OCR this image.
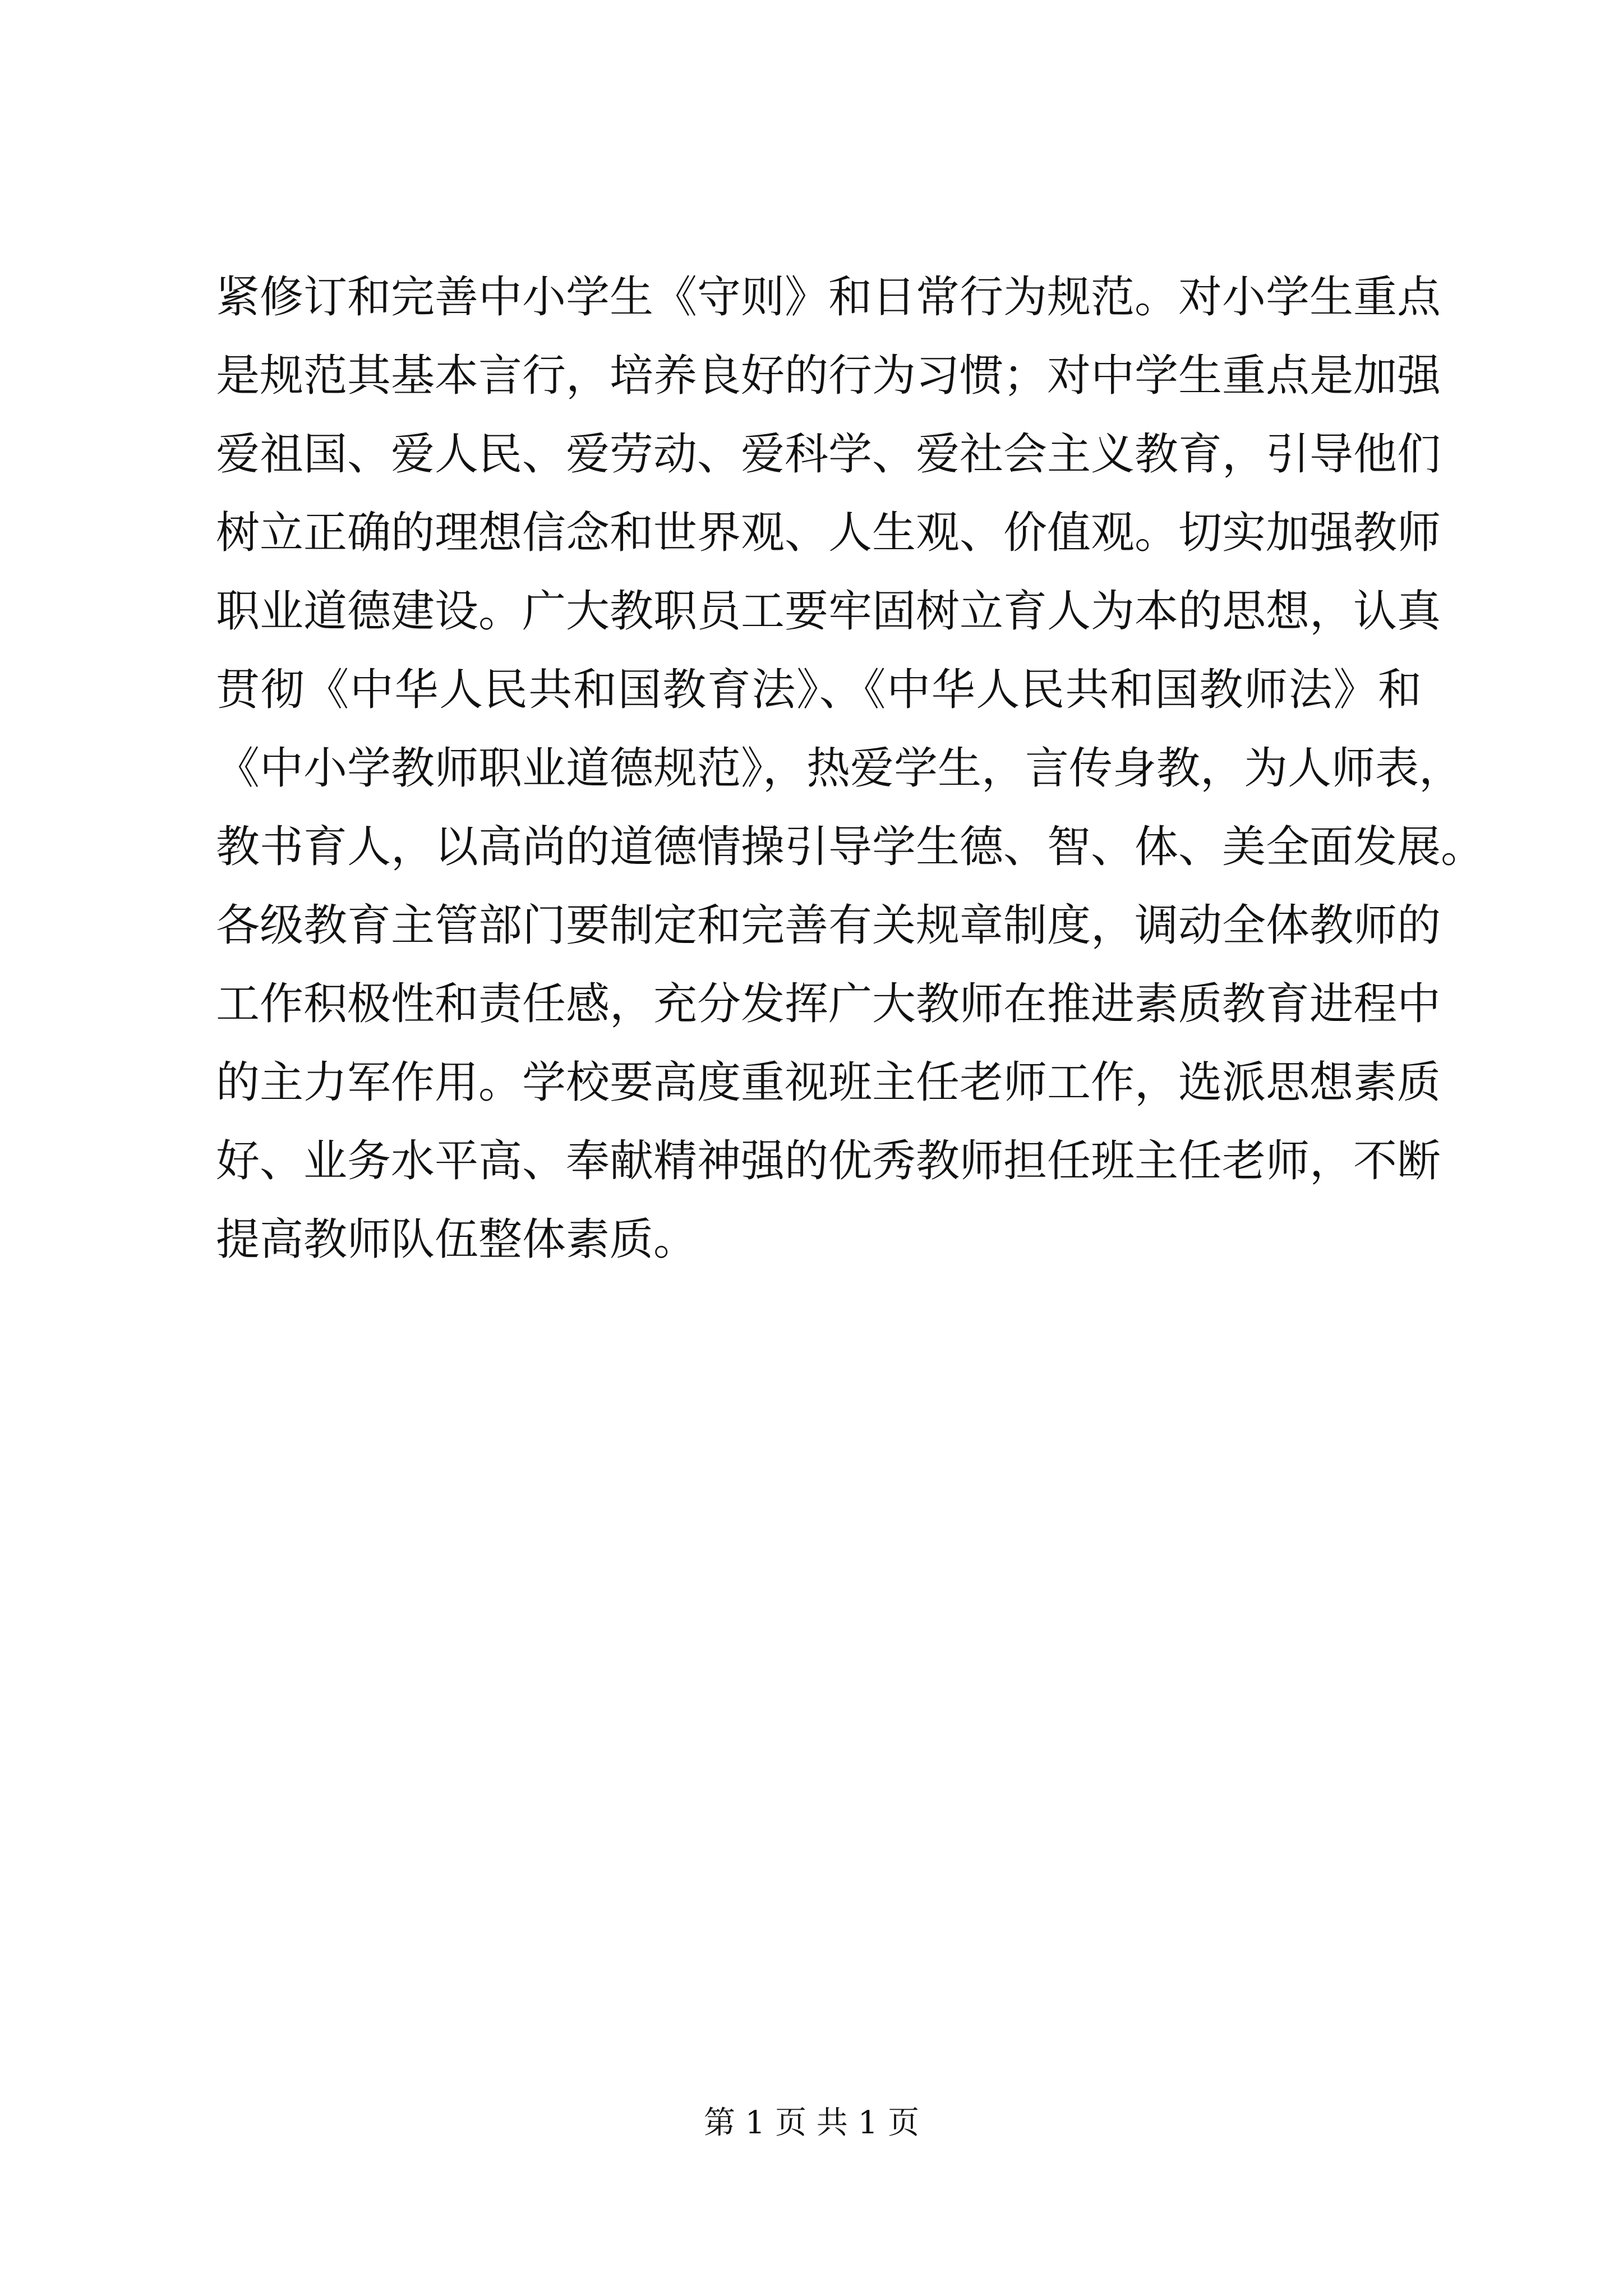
紧修订和完善中小学生《守则》和日常行为规范。对小学生重点
是规范其基本言行，培养良好的行为习惯；对中学生重点是加强
爱祖国、爱人民、爱劳动、爱科学、爱社会主义教育，引导他们
树立正确的理想信念和世界观、人生观、价值观。切实加强教师
职业道德建设。广大教职员工要牢固树立育人为本的思想，认真
贯彻《中华人民共和国教育法》、《中华人民共和国教师法》和
《中小学教师职业道德规范》，热爱学生，言传身教，为人师表，
教书育人，以高尚的道德情操引导学生德、智、体、美全面发展。
各级教育主管部门要制定和完善有关规章制度，调动全体教师的
工作积极性和责任感，充分发挥广大教师在推进素质教育进程中
的主力军作用。学校要高度重视班主任老师工作，选派思想素质
好、业务水平高、奉献精神强的优秀教师担任班主任老师，不断
提高教师队伍整体素质。
第 1 页 共 1 页
